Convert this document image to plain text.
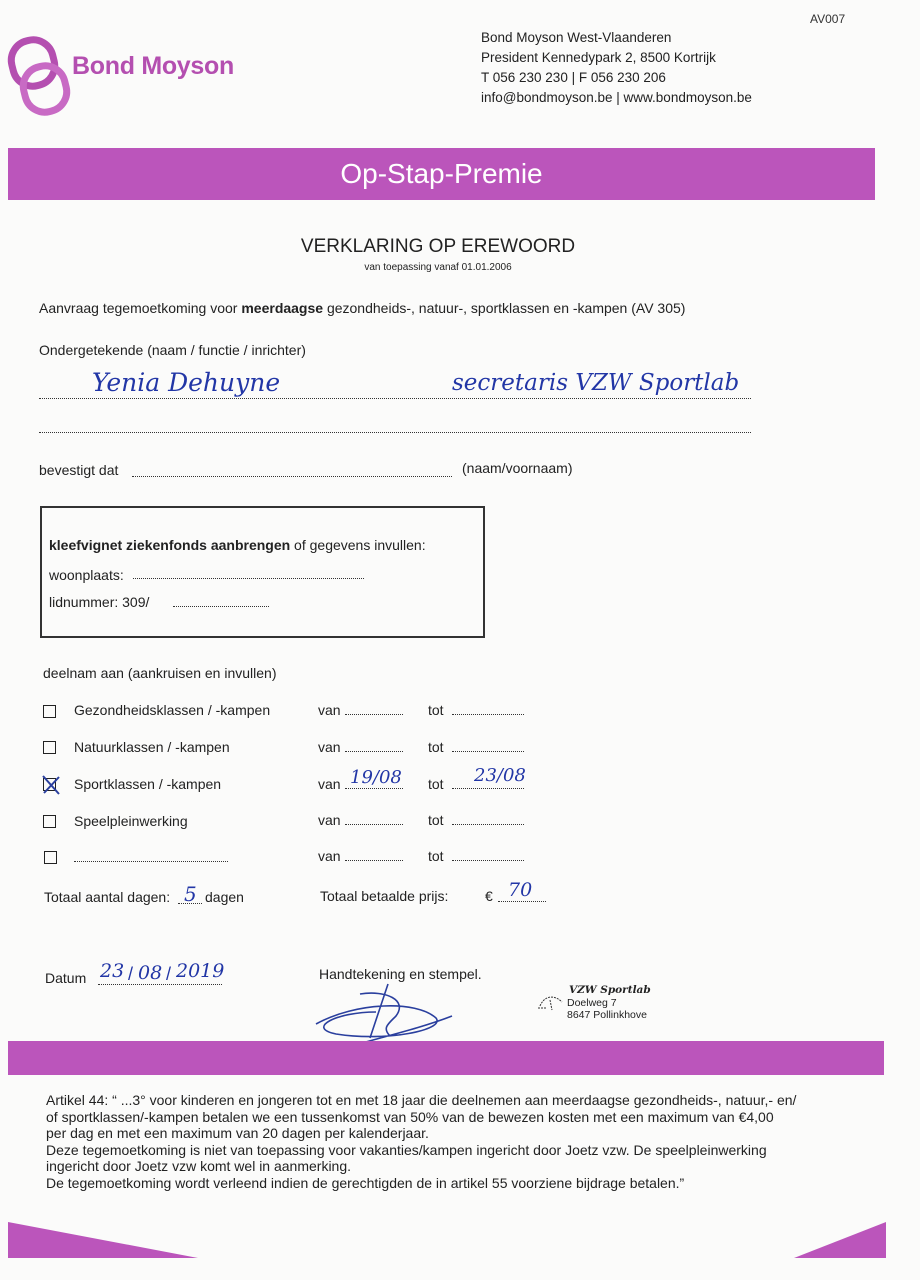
AV007
Bond Moyson
Bond Moyson West-Vlaanderen
President Kennedypark 2, 8500 Kortrijk
T 056 230 230 | F 056 230 206
info@bondmoyson.be | www.bondmoyson.be
Op-Stap-Premie
VERKLARING OP EREWOORD
van toepassing vanaf 01.01.2006
Aanvraag tegemoetkoming voor meerdaagse gezondheids-, natuur-, sportklassen en -kampen (AV 305)
Ondergetekende (naam / functie / inrichter)
Yenia Dehuyne	secretaris VZW Sportlab
bevestigt dat	(naam/voornaam)
kleefvignet ziekenfonds aanbrengen of gegevens invullen:
woonplaats:
lidnummer: 309/
deelnam aan (aankruisen en invullen)
Gezondheidsklassen / -kampen	van	tot
Natuurklassen / -kampen	van	tot
Sportklassen / -kampen	van 19/08 tot 23/08
Speelpleinwerking	van	tot
van	tot
Totaal aantal dagen: 5 dagen	Totaal betaalde prijs:	€ 70
Datum 23 / 08 / 2019	Handtekening en stempel.
VZW Sportlab
Doelweg 7
8647 Pollinkhove
Artikel 44: “ ...3° voor kinderen en jongeren tot en met 18 jaar die deelnemen aan meerdaagse gezondheids-, natuur,- en/
of sportklassen/-kampen betalen we een tussenkomst van 50% van de bewezen kosten met een maximum van €4,00
per dag en met een maximum van 20 dagen per kalenderjaar.
Deze tegemoetkoming is niet van toepassing voor vakanties/kampen ingericht door Joetz vzw. De speelpleinwerking
ingericht door Joetz vzw komt wel in aanmerking.
De tegemoetkoming wordt verleend indien de gerechtigden de in artikel 55 voorziene bijdrage betalen.”
